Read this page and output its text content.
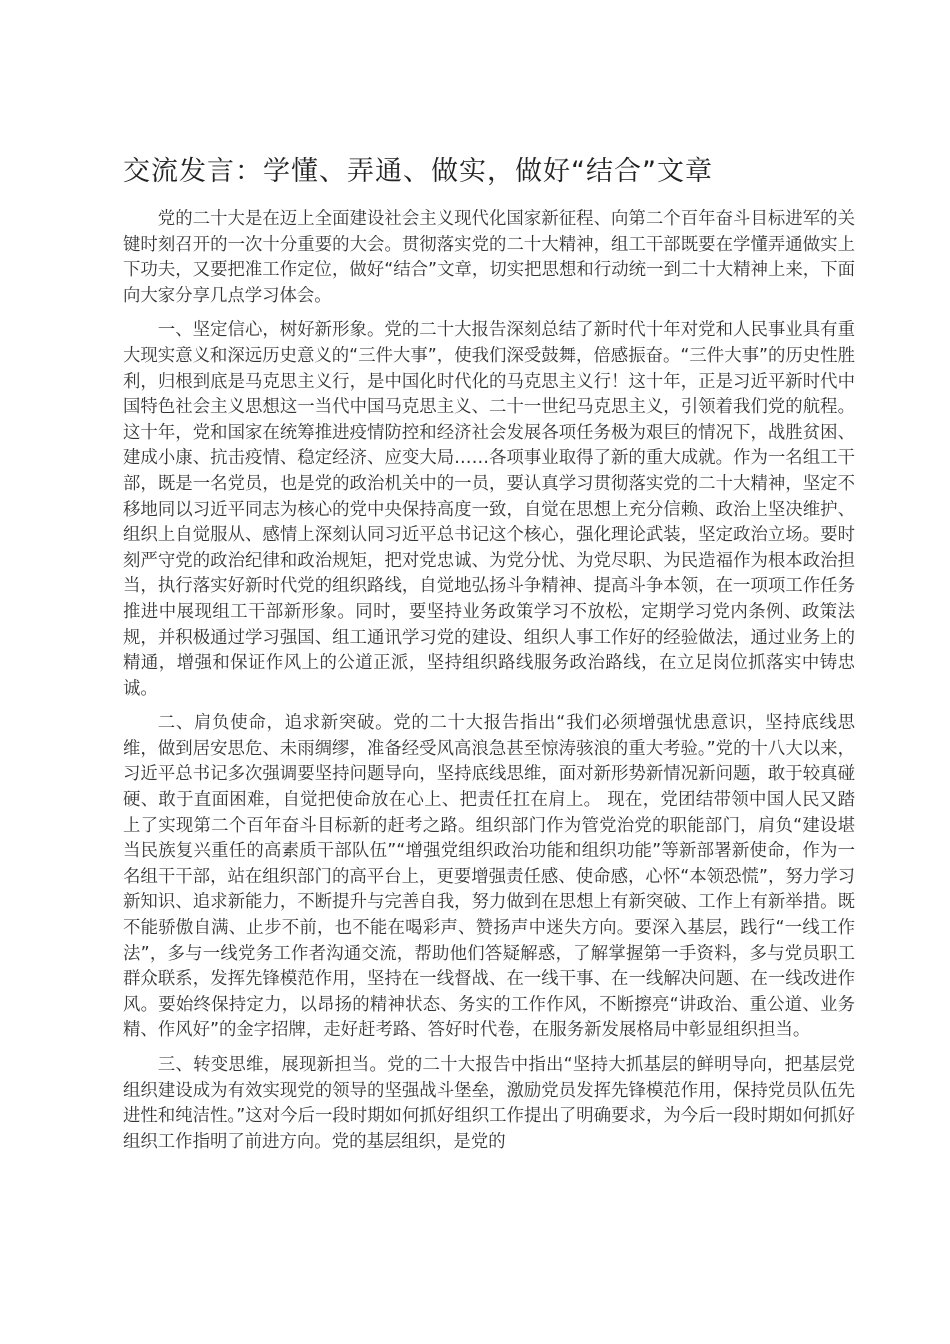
交流发言：学懂、弄通、做实，做好“结合”文章

党的二十大是在迈上全面建设社会主义现代化国家新征程、向第二个百年奋斗目标进军的关键时刻召开的一次十分重要的大会。贯彻落实党的二十大精神，组工干部既要在学懂弄通做实上下功夫，又要把准工作定位，做好“结合”文章，切实把思想和行动统一到二十大精神上来，下面向大家分享几点学习体会。

一、坚定信心，树好新形象。党的二十大报告深刻总结了新时代十年对党和人民事业具有重大现实意义和深远历史意义的“三件大事”，使我们深受鼓舞，倍感振奋。“三件大事”的历史性胜利，归根到底是马克思主义行，是中国化时代化的马克思主义行！这十年，正是习近平新时代中国特色社会主义思想这一当代中国马克思主义、二十一世纪马克思主义，引领着我们党的航程。这十年，党和国家在统筹推进疫情防控和经济社会发展各项任务极为艰巨的情况下，战胜贫困、建成小康、抗击疫情、稳定经济、应变大局……各项事业取得了新的重大成就。作为一名组工干部，既是一名党员，也是党的政治机关中的一员，要认真学习贯彻落实党的二十大精神，坚定不移地同以习近平同志为核心的党中央保持高度一致，自觉在思想上充分信赖、政治上坚决维护、组织上自觉服从、感情上深刻认同习近平总书记这个核心，强化理论武装，坚定政治立场。要时刻严守党的政治纪律和政治规矩，把对党忠诚、为党分忧、为党尽职、为民造福作为根本政治担当，执行落实好新时代党的组织路线，自觉地弘扬斗争精神、提高斗争本领，在一项项工作任务推进中展现组工干部新形象。同时，要坚持业务政策学习不放松，定期学习党内条例、政策法规，并积极通过学习强国、组工通讯学习党的建设、组织人事工作好的经验做法，通过业务上的精通，增强和保证作风上的公道正派，坚持组织路线服务政治路线，在立足岗位抓落实中铸忠诚。

二、肩负使命，追求新突破。党的二十大报告指出“我们必须增强忧患意识，坚持底线思维，做到居安思危、未雨绸缪，准备经受风高浪急甚至惊涛骇浪的重大考验。”党的十八大以来，习近平总书记多次强调要坚持问题导向，坚持底线思维，面对新形势新情况新问题，敢于较真碰硬、敢于直面困难，自觉把使命放在心上、把责任扛在肩上。 现在，党团结带领中国人民又踏上了实现第二个百年奋斗目标新的赶考之路。组织部门作为管党治党的职能部门，肩负“建设堪当民族复兴重任的高素质干部队伍”“增强党组织政治功能和组织功能”等新部署新使命，作为一名组干干部，站在组织部门的高平台上，更要增强责任感、使命感，心怀“本领恐慌”，努力学习新知识、追求新能力，不断提升与完善自我，努力做到在思想上有新突破、工作上有新举措。既不能骄傲自满、止步不前，也不能在喝彩声、赞扬声中迷失方向。要深入基层，践行“一线工作法”，多与一线党务工作者沟通交流，帮助他们答疑解惑，了解掌握第一手资料，多与党员职工群众联系，发挥先锋模范作用，坚持在一线督战、在一线干事、在一线解决问题、在一线改进作风。要始终保持定力，以昂扬的精神状态、务实的工作作风，不断擦亮“讲政治、重公道、业务精、作风好”的金字招牌，走好赶考路、答好时代卷，在服务新发展格局中彰显组织担当。

三、转变思维，展现新担当。党的二十大报告中指出“坚持大抓基层的鲜明导向，把基层党组织建设成为有效实现党的领导的坚强战斗堡垒，激励党员发挥先锋模范作用，保持党员队伍先进性和纯洁性。”这对今后一段时期如何抓好组织工作提出了明确要求，为今后一段时期如何抓好组织工作指明了前进方向。党的基层组织，是党的
